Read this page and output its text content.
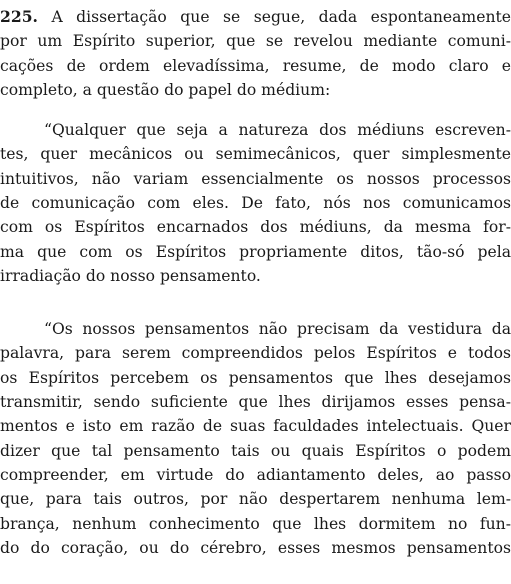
225. A dissertação que se segue, dada espontaneamente
por um Espírito superior, que se revelou mediante comuni-
cações de ordem elevadíssima, resume, de modo claro e
completo, a questão do papel do médium:
“Qualquer que seja a natureza dos médiuns escreven-
tes, quer mecânicos ou semimecânicos, quer simplesmente
intuitivos, não variam essencialmente os nossos processos
de comunicação com eles. De fato, nós nos comunicamos
com os Espíritos encarnados dos médiuns, da mesma for-
ma que com os Espíritos propriamente ditos, tão-só pela
irradiação do nosso pensamento.
“Os nossos pensamentos não precisam da vestidura da
palavra, para serem compreendidos pelos Espíritos e todos
os Espíritos percebem os pensamentos que lhes desejamos
transmitir, sendo suficiente que lhes dirijamos esses pensa-
mentos e isto em razão de suas faculdades intelectuais. Quer
dizer que tal pensamento tais ou quais Espíritos o podem
compreender, em virtude do adiantamento deles, ao passo
que, para tais outros, por não despertarem nenhuma lem-
brança, nenhum conhecimento que lhes dormitem no fun-
do do coração, ou do cérebro, esses mesmos pensamentos
